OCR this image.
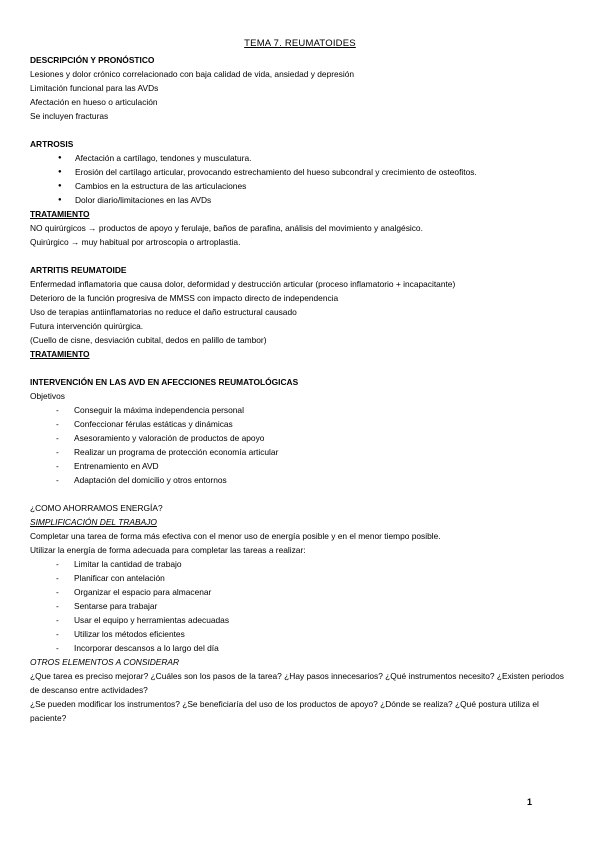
TEMA 7. REUMATOIDES
DESCRIPCIÓN Y PRONÓSTICO
Lesiones y dolor crónico correlacionado con baja calidad de vida, ansiedad y depresión
Limitación funcional para las AVDs
Afectación en hueso o articulación
Se incluyen fracturas
ARTROSIS
● Afectación a cartílago, tendones y musculatura.
● Erosión del cartílago articular, provocando estrechamiento del hueso subcondral y crecimiento de osteofitos.
● Cambios en la estructura de las articulaciones
● Dolor diario/limitaciones en las AVDs
TRATAMIENTO
NO quirúrgicos → productos de apoyo y ferulaje, baños de parafina, análisis del movimiento y analgésico.
Quirúrgico → muy habitual por artroscopia o artroplastia.
ARTRITIS REUMATOIDE
Enfermedad inflamatoria que causa dolor, deformidad y destrucción articular (proceso inflamatorio + incapacitante)
Deterioro de la función progresiva de MMSS con impacto directo de independencia
Uso de terapias antiinflamatorias no reduce el daño estructural causado
Futura intervención quirúrgica.
(Cuello de cisne, desviación cubital, dedos en palillo de tambor)
TRATAMIENTO
INTERVENCIÓN EN LAS AVD EN AFECCIONES REUMATOLÓGICAS
Objetivos
- Conseguir la máxima independencia personal
- Confeccionar férulas estáticas y dinámicas
- Asesoramiento y valoración de productos de apoyo
- Realizar un programa de protección economía articular
- Entrenamiento en AVD
- Adaptación del domicilio y otros entornos
¿COMO AHORRAMOS ENERGÍA?
SIMPLIFICACIÓN DEL TRABAJO
Completar una tarea de forma más efectiva con el menor uso de energía posible y en el menor tiempo posible.
Utilizar la energía de forma adecuada para completar las tareas a realizar:
- Limitar la cantidad de trabajo
- Planificar con antelación
- Organizar el espacio para almacenar
- Sentarse para trabajar
- Usar el equipo y herramientas adecuadas
- Utilizar los métodos eficientes
- Incorporar descansos a lo largo del día
OTROS ELEMENTOS A CONSIDERAR
¿Que tarea es preciso mejorar? ¿Cuáles son los pasos de la tarea? ¿Hay pasos innecesarios? ¿Qué instrumentos necesito? ¿Existen periodos de descanso entre actividades?
¿Se pueden modificar los instrumentos? ¿Se beneficiaría del uso de los productos de apoyo? ¿Dónde se realiza? ¿Qué postura utiliza el paciente?
1
